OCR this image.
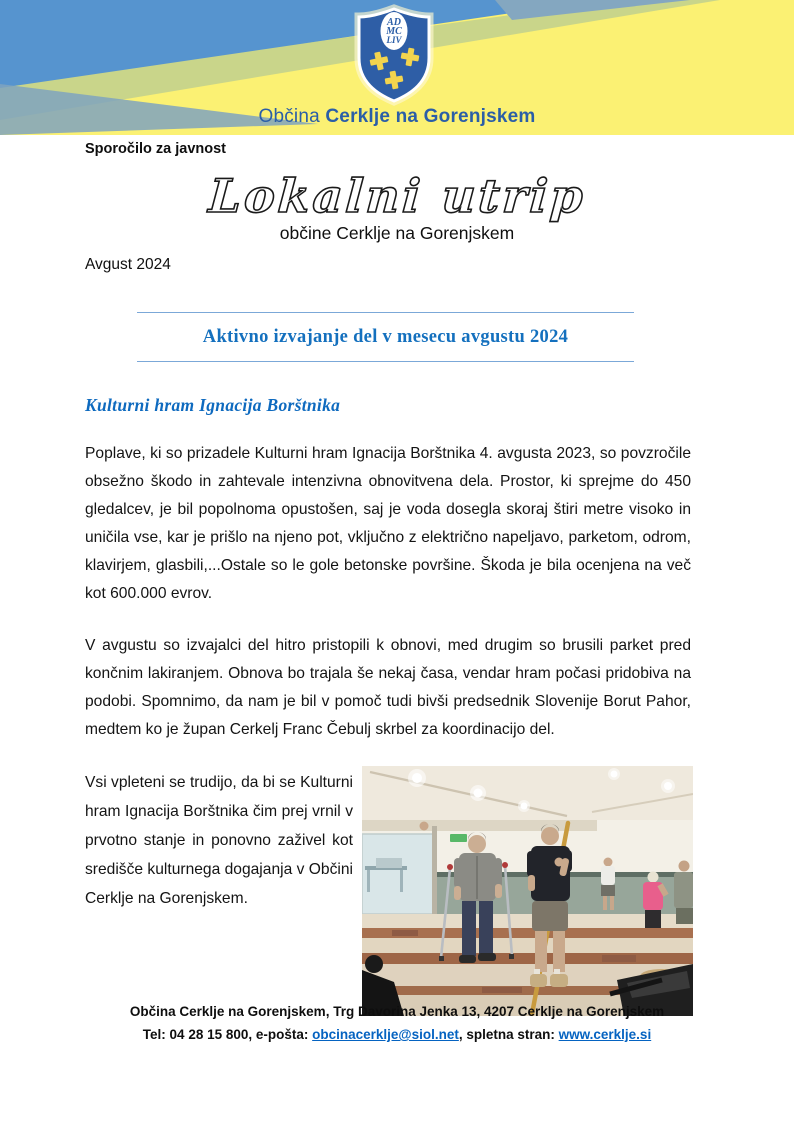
AD
MC
LIV
Občina Cerklje na Gorenjskem
Sporočilo za javnost
Lokalni utrip
občine Cerklje na Gorenjskem
Avgust 2024
Aktivno izvajanje del v mesecu avgustu 2024
Kulturni hram Ignacija Borštnika

Poplave, ki so prizadele Kulturni hram Ignacija Borštnika 4. avgusta 2023, so povzročile obsežno škodo in zahtevale intenzivna obnovitvena dela. Prostor, ki sprejme do 450 gledalcev, je bil popolnoma opustošen, saj je voda dosegla skoraj štiri metre visoko in uničila vse, kar je prišlo na njeno pot, vključno z električno napeljavo, parketom, odrom, klavirjem, glasbili,...Ostale so le gole betonske površine. Škoda je bila ocenjena na več kot 600.000 evrov.

V avgustu so izvajalci del hitro pristopili k obnovi, med drugim so brusili parket pred končnim lakiranjem. Obnova bo trajala še nekaj časa, vendar hram počasi pridobiva na podobi. Spomnimo, da nam je bil v pomoč tudi bivši predsednik Slovenije Borut Pahor, medtem ko je župan Cerkelj Franc Čebulj skrbel za koordinacijo del.

Vsi vpleteni se trudijo, da bi se Kulturni hram Ignacija Borštnika čim prej vrnil v prvotno stanje in ponovno zaživel kot središče kulturnega dogajanja v Občini Cerklje na Gorenjskem.

Občina Cerklje na Gorenjskem, Trg Davorina Jenka 13, 4207 Cerklje na Gorenjskem
Tel: 04 28 15 800, e-pošta: obcinacerklje@siol.net, spletna stran: www.cerklje.si
